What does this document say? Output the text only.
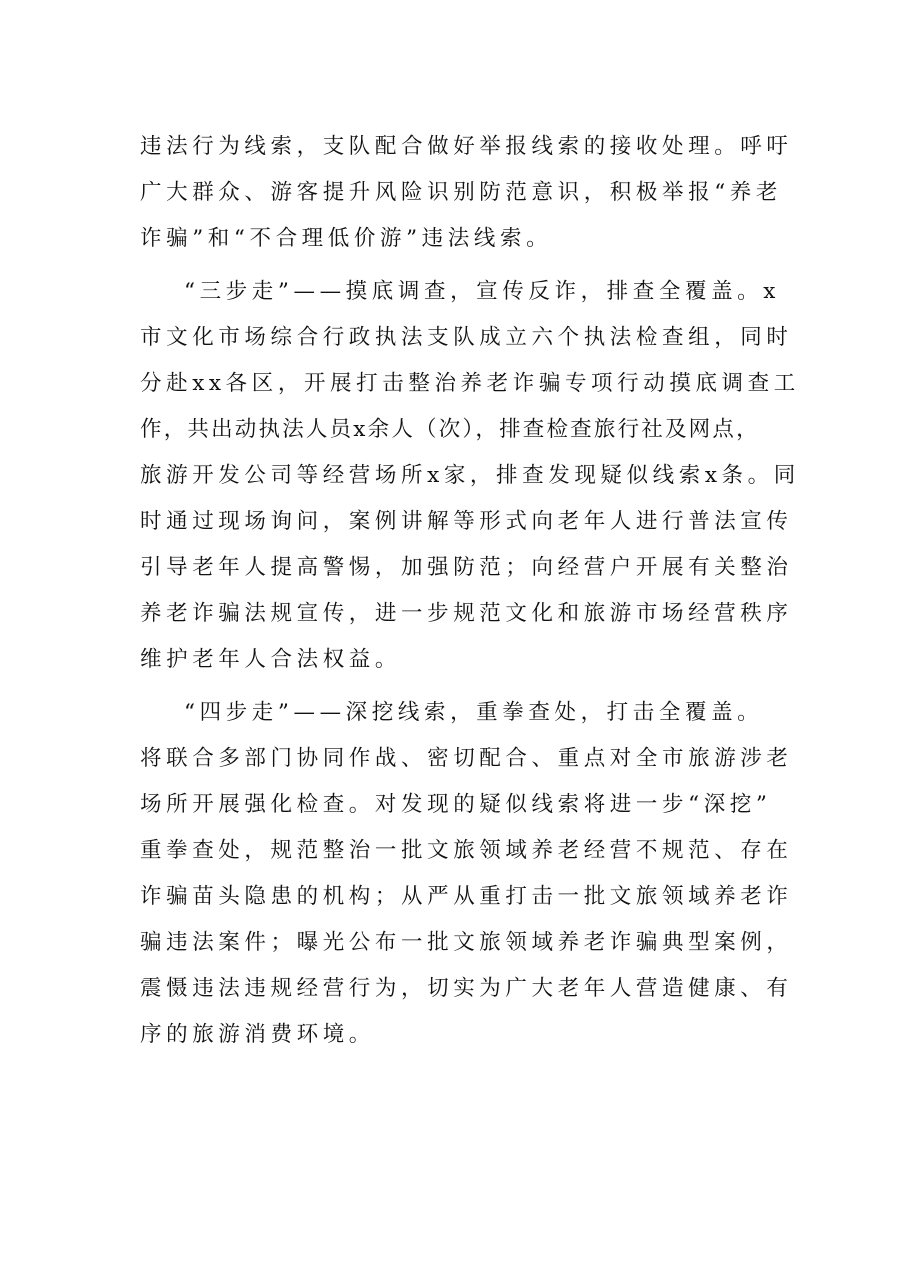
违法行为线索，支队配合做好举报线索的接收处理。呼吁
广大群众、游客提升风险识别防范意识，积极举报“养老
诈骗”和“不合理低价游”违法线索。
“三步走”——摸底调查，宣传反诈，排查全覆盖。x
市文化市场综合行政执法支队成立六个执法检查组，同时
分赴xx各区，开展打击整治养老诈骗专项行动摸底调查工
作，共出动执法人员x余人（次），排查检查旅行社及网点，
旅游开发公司等经营场所x家，排查发现疑似线索x条。同
时通过现场询问，案例讲解等形式向老年人进行普法宣传
引导老年人提高警惕，加强防范；向经营户开展有关整治
养老诈骗法规宣传，进一步规范文化和旅游市场经营秩序
维护老年人合法权益。
“四步走”——深挖线索，重拳查处，打击全覆盖。
将联合多部门协同作战、密切配合、重点对全市旅游涉老
场所开展强化检查。对发现的疑似线索将进一步“深挖”
重拳查处，规范整治一批文旅领域养老经营不规范、存在
诈骗苗头隐患的机构；从严从重打击一批文旅领域养老诈
骗违法案件；曝光公布一批文旅领域养老诈骗典型案例，
震慑违法违规经营行为，切实为广大老年人营造健康、有
序的旅游消费环境。
